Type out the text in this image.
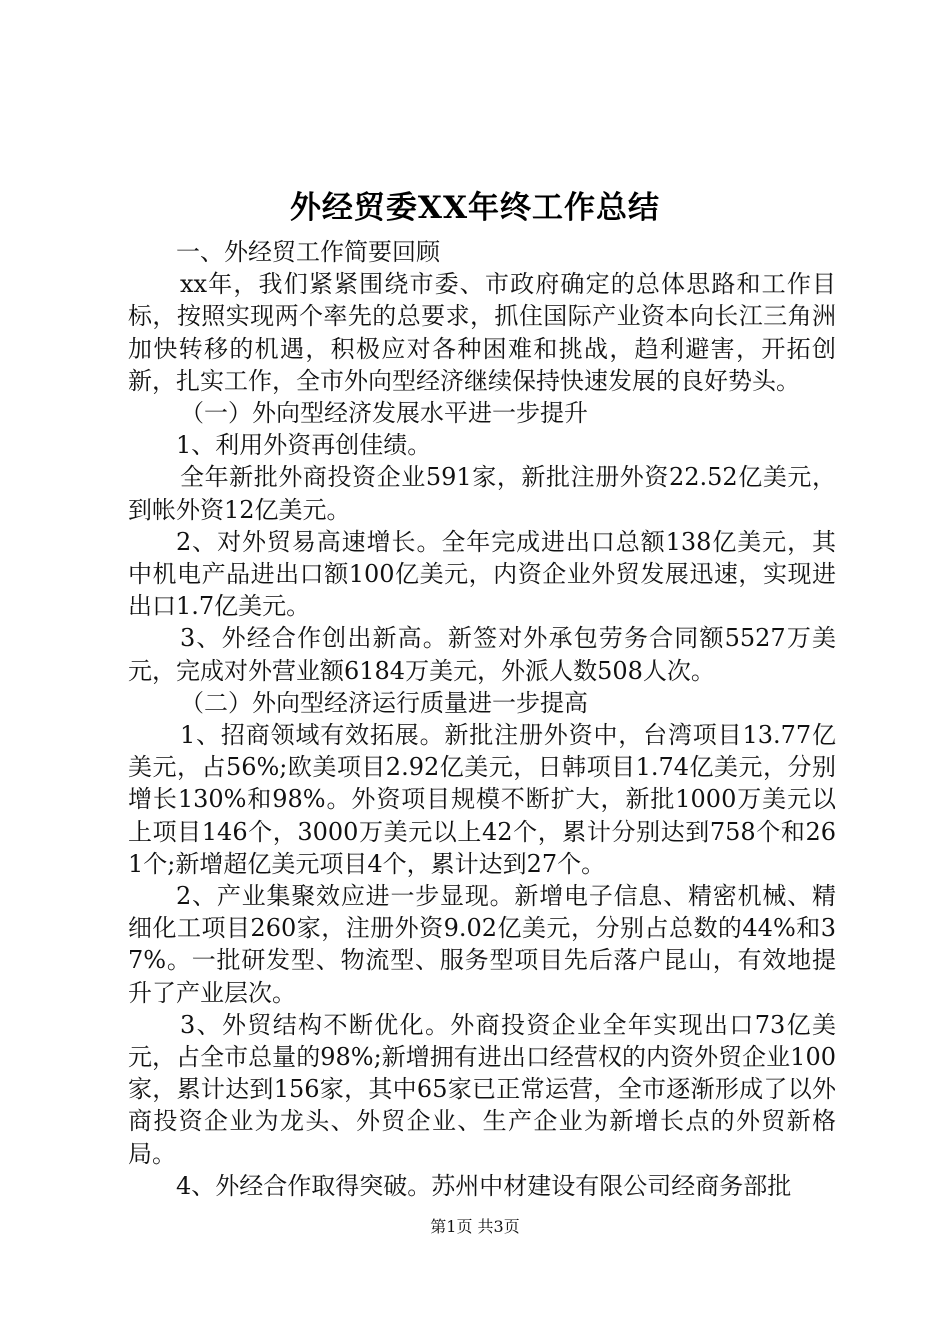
外经贸委XX年终工作总结

一、外经贸工作简要回顾

xx年，我们紧紧围绕市委、市政府确定的总体思路和工作目标，按照实现两个率先的总要求，抓住国际产业资本向长江三角洲加快转移的机遇，积极应对各种困难和挑战，趋利避害，开拓创新，扎实工作，全市外向型经济继续保持快速发展的良好势头。

（一）外向型经济发展水平进一步提升

1、利用外资再创佳绩。

全年新批外商投资企业591家，新批注册外资22.52亿美元，到帐外资12亿美元。

2、对外贸易高速增长。全年完成进出口总额138亿美元，其中机电产品进出口额100亿美元，内资企业外贸发展迅速，实现进出口1.7亿美元。

3、外经合作创出新高。新签对外承包劳务合同额5527万美元，完成对外营业额6184万美元，外派人数508人次。

（二）外向型经济运行质量进一步提高

1、招商领域有效拓展。新批注册外资中，台湾项目13.77亿美元，占56%;欧美项目2.92亿美元，日韩项目1.74亿美元，分别增长130%和98%。外资项目规模不断扩大，新批1000万美元以上项目146个，3000万美元以上42个，累计分别达到758个和261个;新增超亿美元项目4个，累计达到27个。

2、产业集聚效应进一步显现。新增电子信息、精密机械、精细化工项目260家，注册外资9.02亿美元，分别占总数的44%和37%。一批研发型、物流型、服务型项目先后落户昆山，有效地提升了产业层次。

3、外贸结构不断优化。外商投资企业全年实现出口73亿美元，占全市总量的98%;新增拥有进出口经营权的内资外贸企业100家，累计达到156家，其中65家已正常运营，全市逐渐形成了以外商投资企业为龙头、外贸企业、生产企业为新增长点的外贸新格局。

4、外经合作取得突破。苏州中材建设有限公司经商务部批

第1页 共3页
